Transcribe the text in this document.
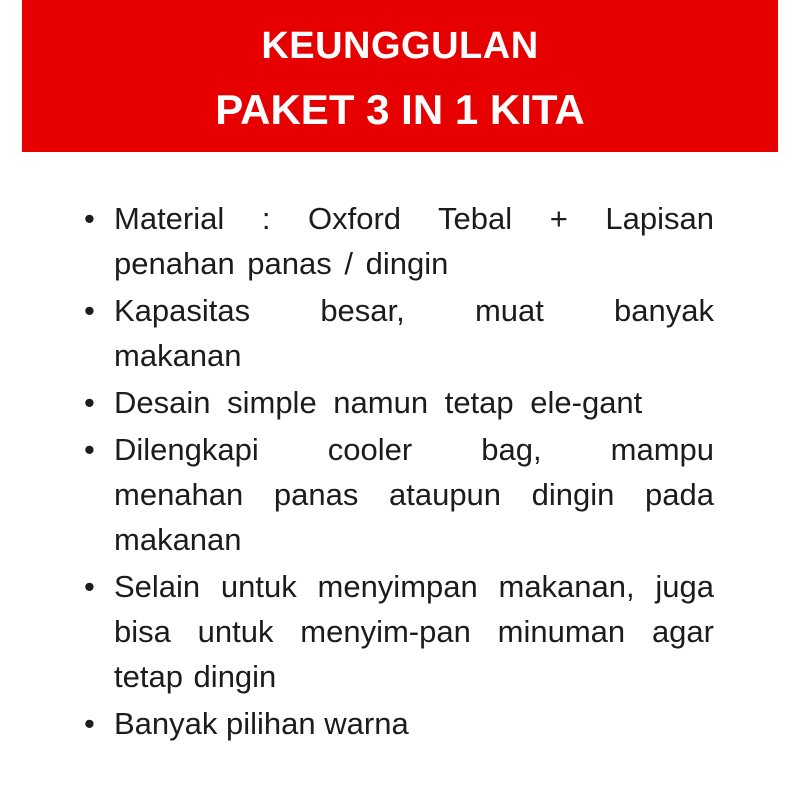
KEUNGGULAN
PAKET 3 IN 1 KITA
• Material : Oxford Tebal + Lapisan penahan panas / dingin
• Kapasitas besar, muat banyak makanan
• Desain simple namun tetap ele-gant
• Dilengkapi cooler bag, mampu menahan panas ataupun dingin pada makanan
• Selain untuk menyimpan makanan, juga bisa untuk menyim-pan minuman agar tetap dingin
• Banyak pilihan warna
